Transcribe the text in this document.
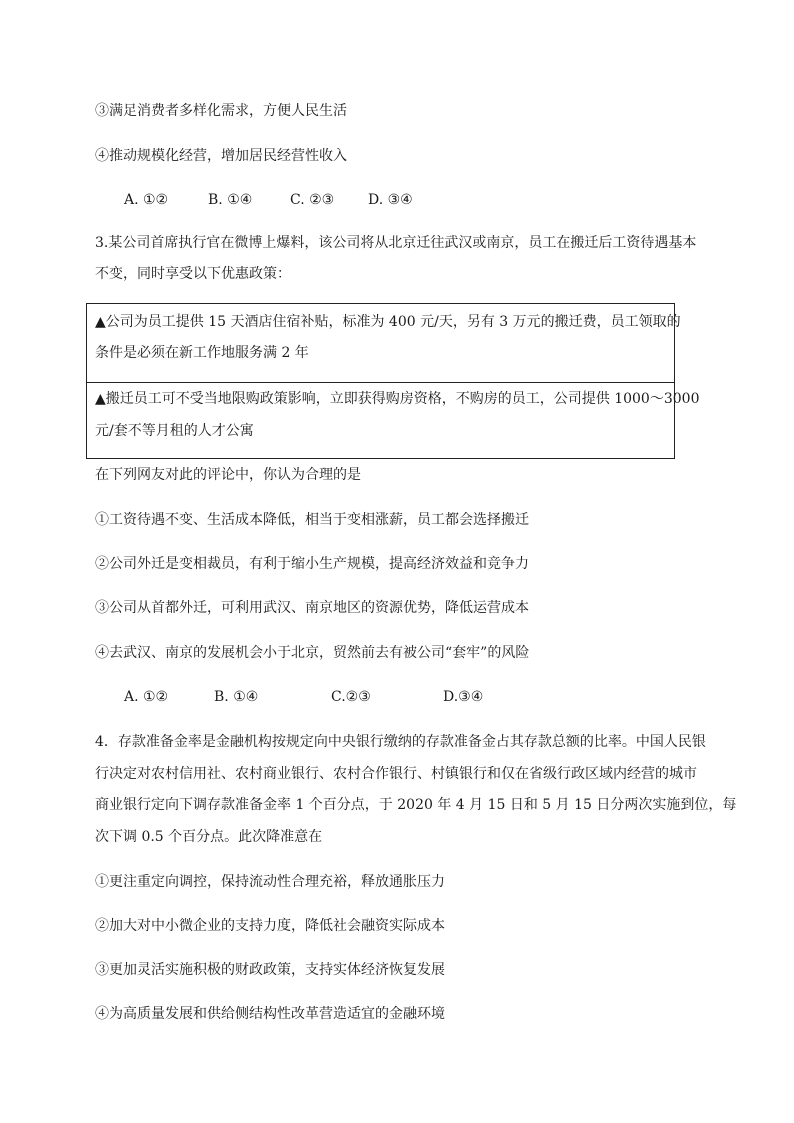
③满足消费者多样化需求，方便人民生活
④推动规模化经营，增加居民经营性收入
A. ①②	B. ①④	C. ②③ D. ③④
3.某公司首席执行官在微博上爆料，该公司将从北京迁往武汉或南京，员工在搬迁后工资待遇基本
不变，同时享受以下优惠政策：
▲公司为员工提供 15 天酒店住宿补贴，标准为 400 元/天，另有 3 万元的搬迁费，员工领取的
条件是必须在新工作地服务满 2 年
▲搬迁员工可不受当地限购政策影响，立即获得购房资格，不购房的员工，公司提供 1000～3000
元/套不等月租的人才公寓
在下列网友对此的评论中，你认为合理的是
①工资待遇不变、生活成本降低，相当于变相涨薪，员工都会选择搬迁
②公司外迁是变相裁员，有利于缩小生产规模，提高经济效益和竞争力
③公司从首都外迁，可利用武汉、南京地区的资源优势，降低运营成本
④去武汉、南京的发展机会小于北京，贸然前去有被公司“套牢”的风险
A. ①②	B. ①④	C.②③	D.③④
4．存款准备金率是金融机构按规定向中央银行缴纳的存款准备金占其存款总额的比率。中国人民银
行决定对农村信用社、农村商业银行、农村合作银行、村镇银行和仅在省级行政区域内经营的城市
商业银行定向下调存款准备金率 1 个百分点，于 2020 年 4 月 15 日和 5 月 15 日分两次实施到位，每
次下调 0.5 个百分点。此次降准意在
①更注重定向调控，保持流动性合理充裕，释放通胀压力
②加大对中小微企业的支持力度，降低社会融资实际成本
③更加灵活实施积极的财政政策，支持实体经济恢复发展
④为高质量发展和供给侧结构性改革营造适宜的金融环境
